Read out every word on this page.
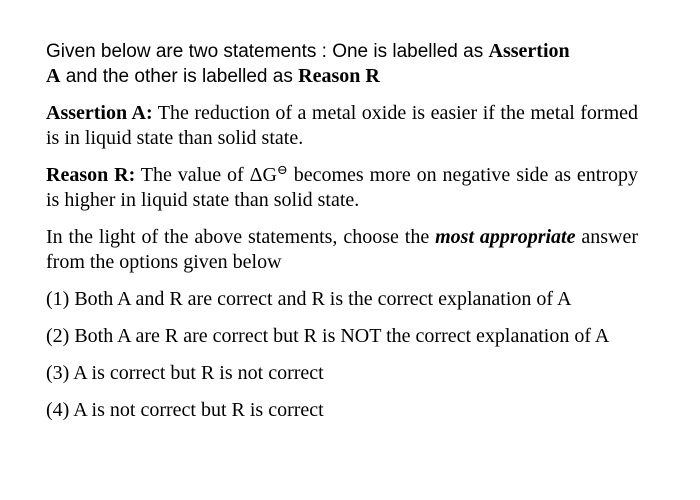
Given below are two statements : One is labelled as Assertion
A and the other is labelled as Reason R

Assertion A: The reduction of a metal oxide is easier if the metal formed is in liquid state than solid state.

Reason R: The value of ΔG⊖ becomes more on negative side as entropy is higher in liquid state than solid state.

In the light of the above statements, choose the most appropriate answer from the options given below

(1) Both A and R are correct and R is the correct explanation of A
(2) Both A are R are correct but R is NOT the correct explanation of A
(3) A is correct but R is not correct
(4) A is not correct but R is correct
